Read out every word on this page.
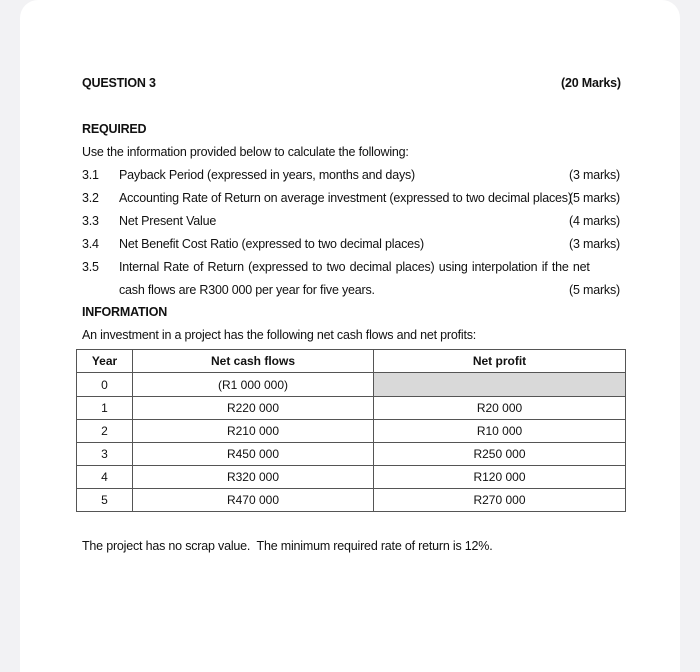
QUESTION 3	(20 Marks)
REQUIRED
Use the information provided below to calculate the following:
3.1 Payback Period (expressed in years, months and days)	(3 marks)
3.2 Accounting Rate of Return on average investment (expressed to two decimal places)
(5 marks)
3.3 Net Present Value	(4 marks)
3.4 Net Benefit Cost Ratio (expressed to two decimal places)	(3 marks)
3.5 Internal Rate of Return (expressed to two decimal places) using interpolation if the net
cash flows are R300 000 per year for five years.	(5 marks)
INFORMATION
An investment in a project has the following net cash flows and net profits:
Year	Net cash flows	Net profit
0	(R1 000 000)	
1	R220 000	R20 000
2	R210 000	R10 000
3	R450 000	R250 000
4	R320 000	R120 000
5	R470 000	R270 000
The project has no scrap value.  The minimum required rate of return is 12%.
